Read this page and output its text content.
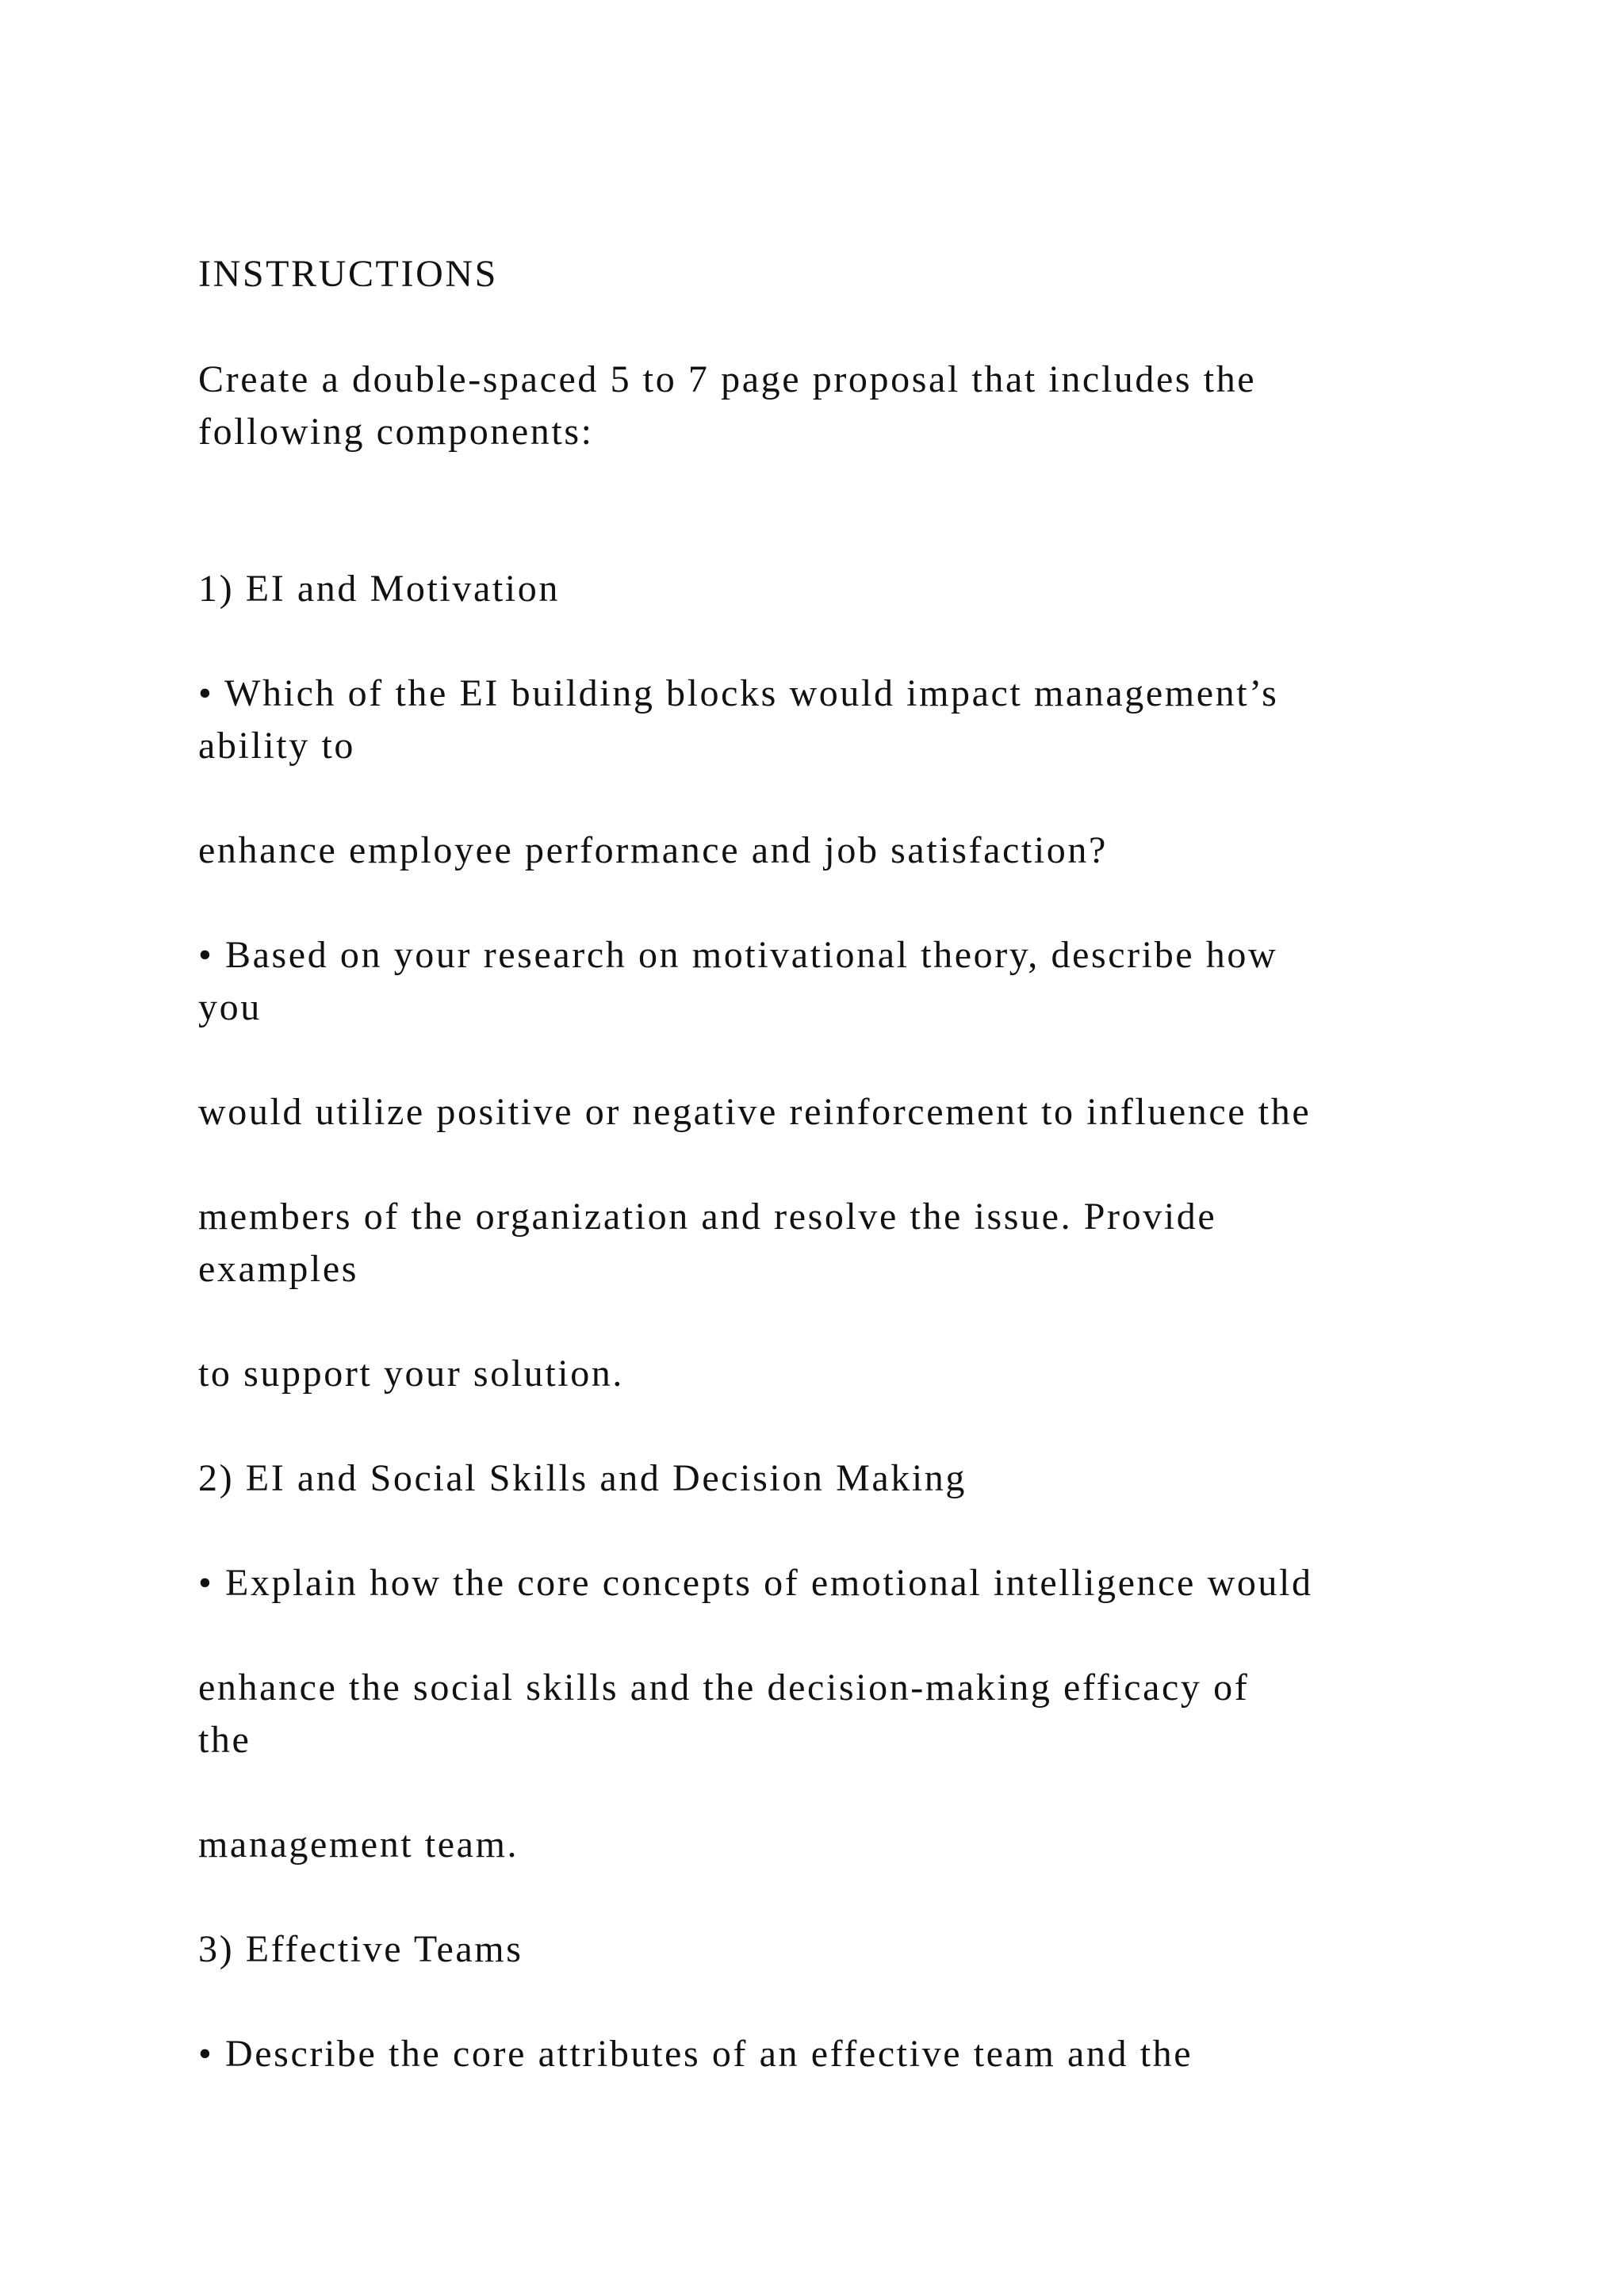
INSTRUCTIONS

Create a double-spaced 5 to 7 page proposal that includes the

following components:

1) EI and Motivation

• Which of the EI building blocks would impact management’s

ability to

enhance employee performance and job satisfaction?

• Based on your research on motivational theory, describe how

you

would utilize positive or negative reinforcement to influence the

members of the organization and resolve the issue. Provide

examples

to support your solution.

2) EI and Social Skills and Decision Making

• Explain how the core concepts of emotional intelligence would

enhance the social skills and the decision-making efficacy of

the

management team.

3) Effective Teams

• Describe the core attributes of an effective team and the
